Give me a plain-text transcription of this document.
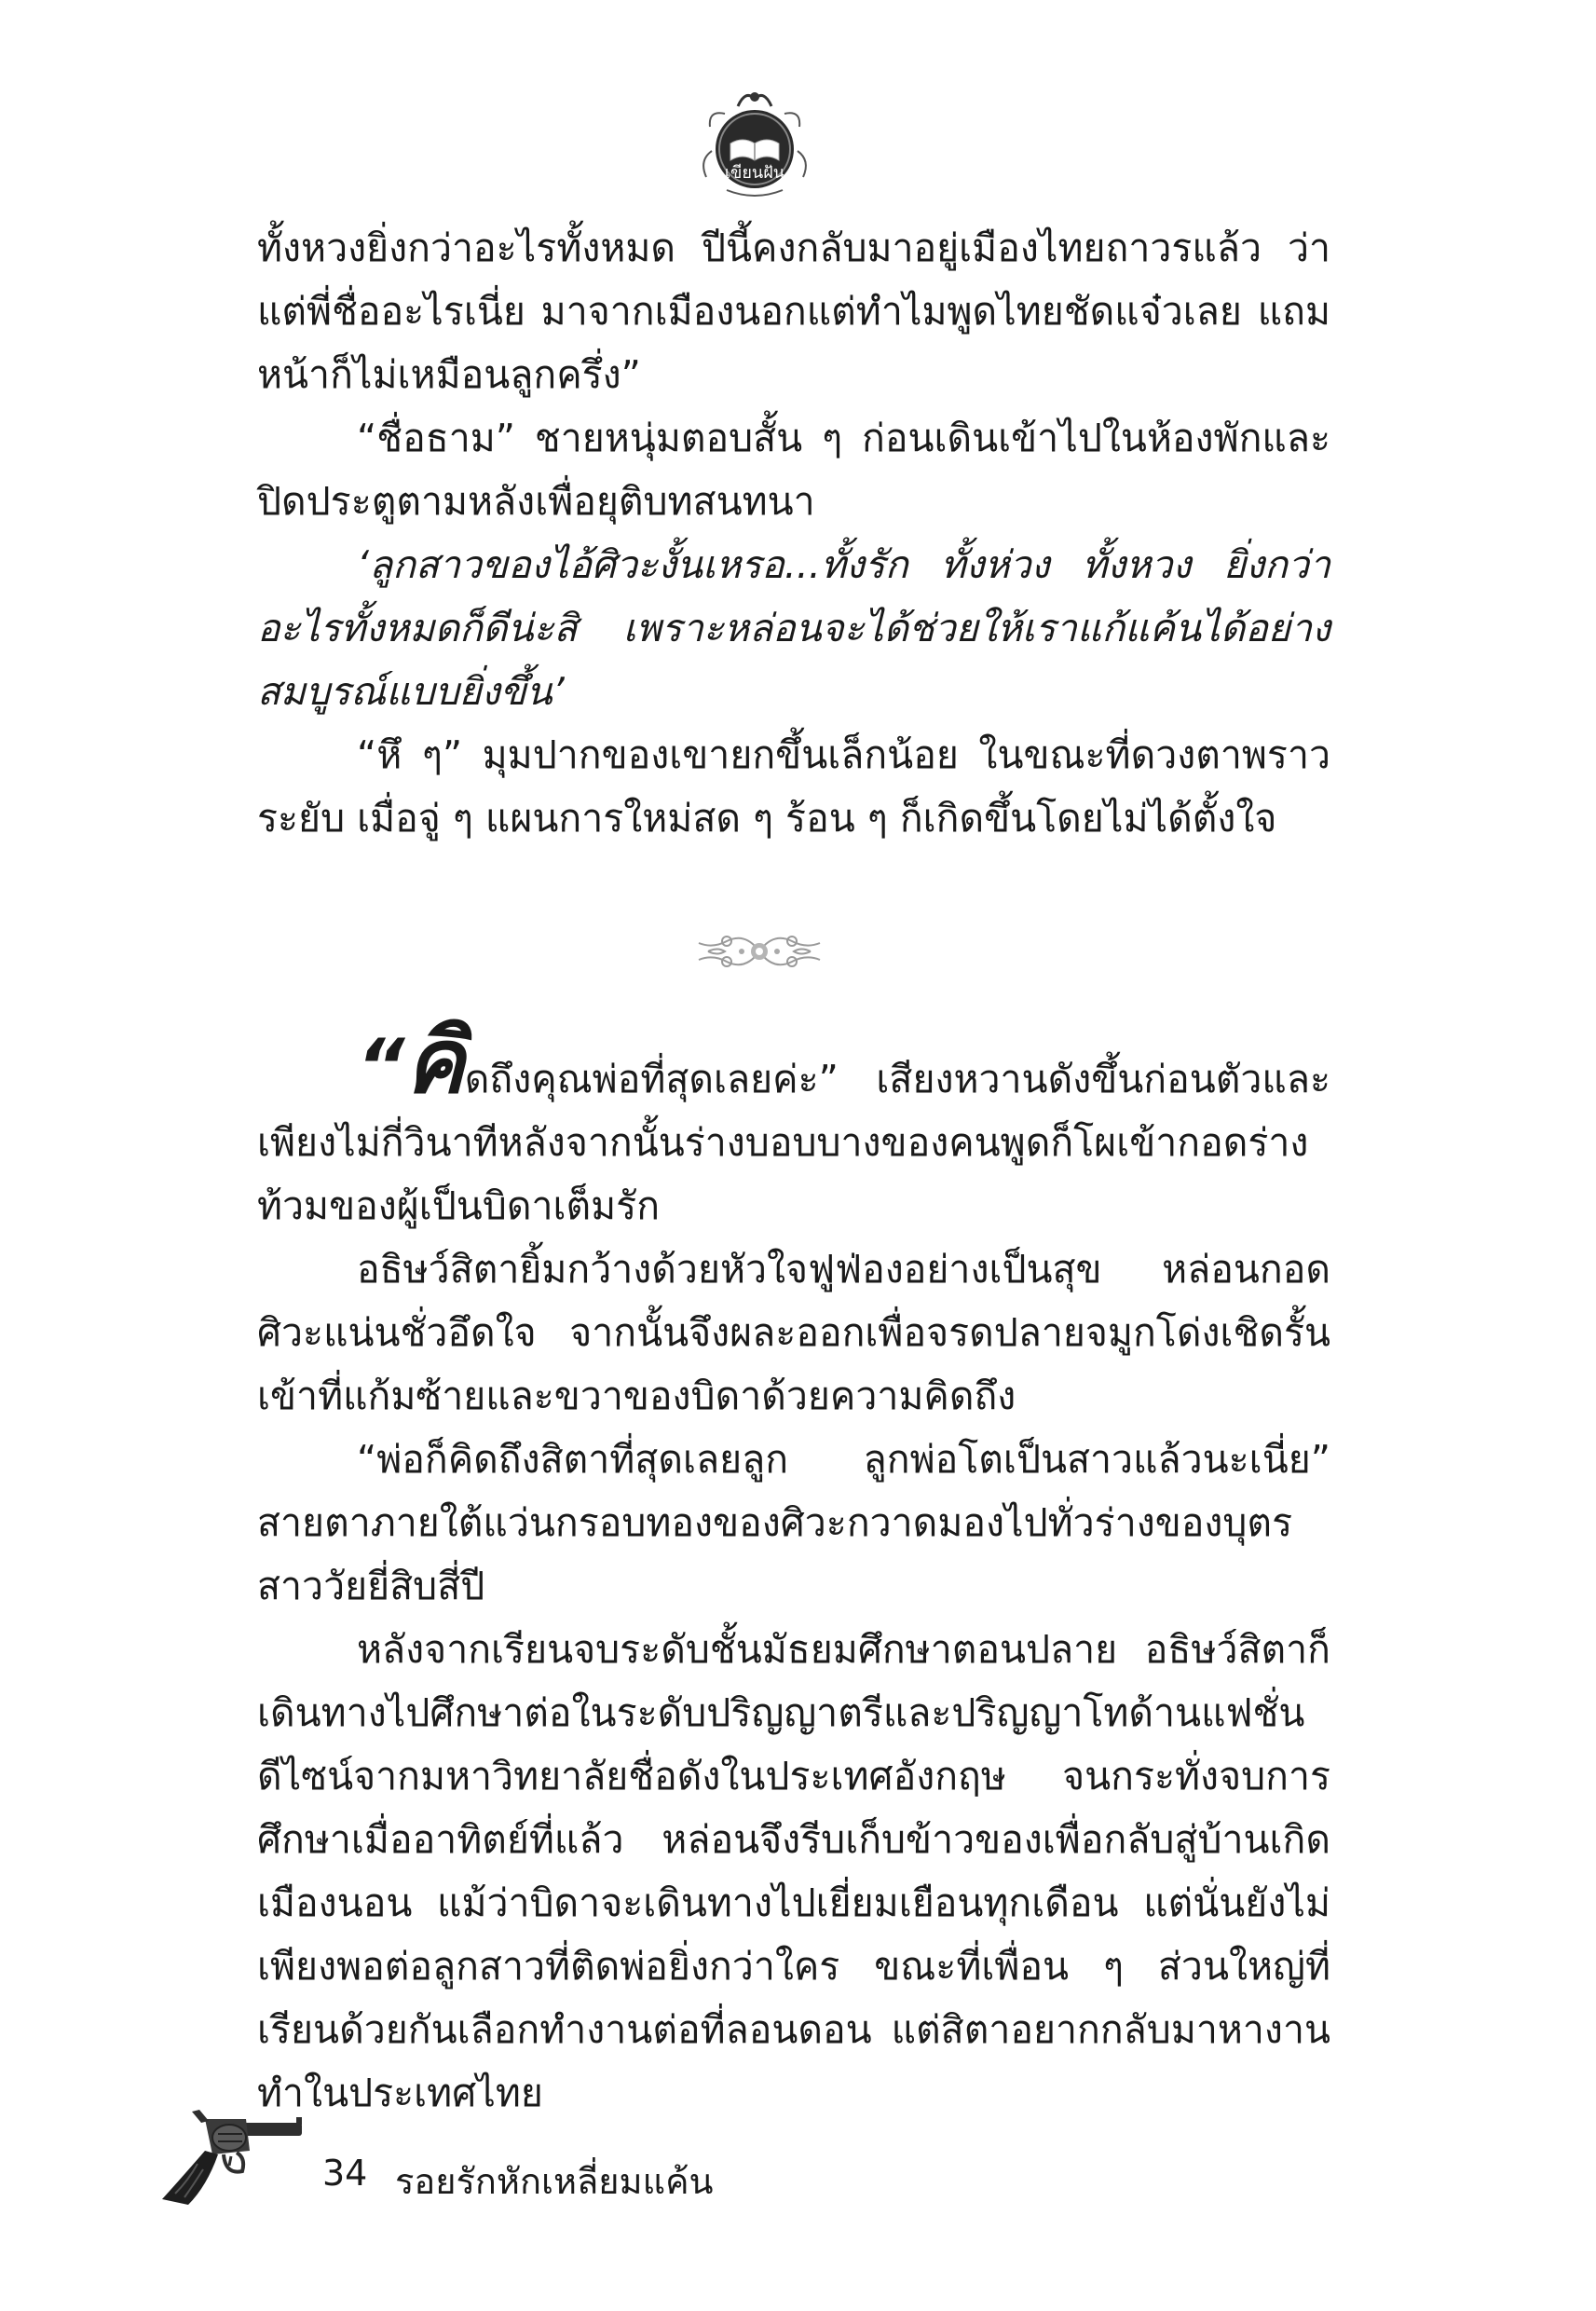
เขียนฝัน

ทั้งหวงยิ่งกว่าอะไรทั้งหมด ปีนี้คงกลับมาอยู่เมืองไทยถาวรแล้ว ว่าแต่พี่ชื่ออะไรเนี่ย มาจากเมืองนอกแต่ทำไมพูดไทยชัดแจ๋วเลย แถมหน้าก็ไม่เหมือนลูกครึ่ง”

“ชื่อธาม” ชายหนุ่มตอบสั้น ๆ ก่อนเดินเข้าไปในห้องพักและปิดประตูตามหลังเพื่อยุติบทสนทนา

‘ลูกสาวของไอ้ศิวะงั้นเหรอ...ทั้งรัก ทั้งห่วง ทั้งหวง ยิ่งกว่าอะไรทั้งหมดก็ดีน่ะสิ เพราะหล่อนจะได้ช่วยให้เราแก้แค้นได้อย่างสมบูรณ์แบบยิ่งขึ้น’

“หึ ๆ” มุมปากของเขายกขึ้นเล็กน้อย ในขณะที่ดวงตาพราวระยับ เมื่อจู่ ๆ แผนการใหม่สด ๆ ร้อน ๆ ก็เกิดขึ้นโดยไม่ได้ตั้งใจ

“คิดถึงคุณพ่อที่สุดเลยค่ะ” เสียงหวานดังขึ้นก่อนตัวและเพียงไม่กี่วินาทีหลังจากนั้นร่างบอบบางของคนพูดก็โผเข้ากอดร่างท้วมของผู้เป็นบิดาเต็มรัก

อธิษว์สิตายิ้มกว้างด้วยหัวใจฟูฟ่องอย่างเป็นสุข หล่อนกอดศิวะแน่นชั่วอึดใจ จากนั้นจึงผละออกเพื่อจรดปลายจมูกโด่งเชิดรั้นเข้าที่แก้มซ้ายและขวาของบิดาด้วยความคิดถึง

“พ่อก็คิดถึงสิตาที่สุดเลยลูก ลูกพ่อโตเป็นสาวแล้วนะเนี่ย” สายตาภายใต้แว่นกรอบทองของศิวะกวาดมองไปทั่วร่างของบุตรสาววัยยี่สิบสี่ปี

หลังจากเรียนจบระดับชั้นมัธยมศึกษาตอนปลาย อธิษว์สิตาก็เดินทางไปศึกษาต่อในระดับปริญญาตรีและปริญญาโทด้านแฟชั่นดีไซน์จากมหาวิทยาลัยชื่อดังในประเทศอังกฤษ จนกระทั่งจบการศึกษาเมื่ออาทิตย์ที่แล้ว หล่อนจึงรีบเก็บข้าวของเพื่อกลับสู่บ้านเกิดเมืองนอน แม้ว่าบิดาจะเดินทางไปเยี่ยมเยือนทุกเดือน แต่นั่นยังไม่เพียงพอต่อลูกสาวที่ติดพ่อยิ่งกว่าใคร ขณะที่เพื่อน ๆ ส่วนใหญ่ที่เรียนด้วยกันเลือกทำงานต่อที่ลอนดอน แต่สิตาอยากกลับมาหางานทำในประเทศไทย

34 รอยรักหักเหลี่ยมแค้น
